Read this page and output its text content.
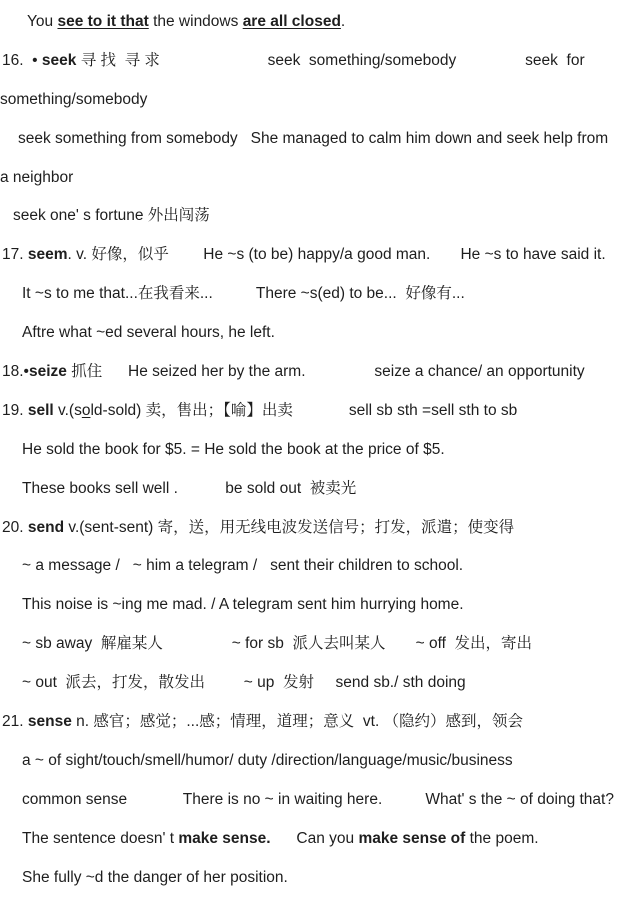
You see to it that the windows are all closed.
16.  • seek 寻 找  寻 求                         seek  something/somebody                seek  for
something/somebody
seek something from somebody   She managed to calm him down and seek help from
a neighbor
seek one' s fortune 外出闯荡
17. seem. v. 好像，似乎        He ~s (to be) happy/a good man.       He ~s to have said it.
It ~s to me that...在我看来...          There ~s(ed) to be...  好像有...
Aftre what ~ed several hours, he left.
18.•seize 抓住      He seized her by the arm.                seize a chance/ an opportunity
19. sell v.(sold-sold) 卖，售出；【喻】出卖             sell sb sth =sell sth to sb
He sold the book for $5. = He sold the book at the price of $5.
These books sell well .           be sold out  被卖光
20. send v.(sent-sent) 寄，送，用无线电波发送信号；打发，派遣；使变得
~ a message /   ~ him a telegram /   sent their children to school.
This noise is ~ing me mad. / A telegram sent him hurrying home.
~ sb away  解雇某人                ~ for sb  派人去叫某人       ~ off  发出，寄出
~ out  派去，打发，散发出         ~ up  发射     send sb./ sth doing
21. sense n. 感官；感觉；...感；情理，道理；意义  vt. （隐约）感到，领会
a ~ of sight/touch/smell/humor/ duty /direction/language/music/business
common sense             There is no ~ in waiting here.          What' s the ~ of doing that?
The sentence doesn' t make sense.      Can you make sense of the poem.
She fully ~d the danger of her position.
